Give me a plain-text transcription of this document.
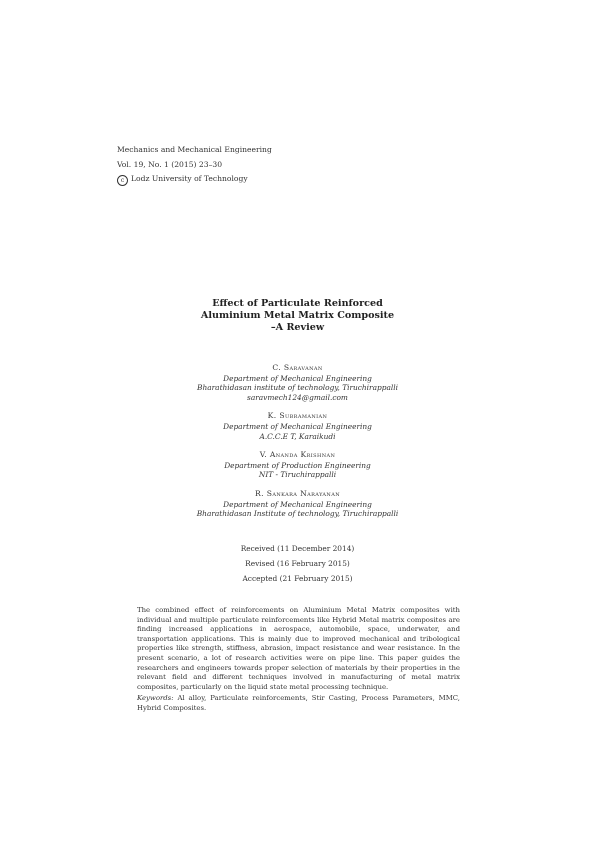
Mechanics and Mechanical Engineering
Vol. 19, No. 1 (2015) 23–30
c Lodz University of Technology
Effect of Particulate Reinforced
Aluminium Metal Matrix Composite
–A Review
C. Saravanan
Department of Mechanical Engineering
Bharathidasan institute of technology, Tiruchirappalli
saravmech124@gmail.com
K. Subramanian
Department of Mechanical Engineering
A.C.C.E T, Karaikudi
V. Ananda Krishnan
Department of Production Engineering
NIT - Tiruchirappalli
R. Sankara Narayanan
Department of Mechanical Engineering
Bharathidasan Institute of technology, Tiruchirappalli
Received (11 December 2014)
Revised (16 February 2015)
Accepted (21 February 2015)

The combined effect of reinforcements on Aluminium Metal Matrix composites with individual and multiple particulate reinforcements like Hybrid Metal matrix composites are finding increased applications in aerospace, automobile, space, underwater, and transportation applications. This is mainly due to improved mechanical and tribological properties like strength, stiffness, abrasion, impact resistance and wear resistance. In the present scenario, a lot of research activities were on pipe line. This paper guides the researchers and engineers towards proper selection of materials by their properties in the relevant field and different techniques involved in manufacturing of metal matrix composites, particularly on the liquid state metal processing technique.

Keywords: Al alloy, Particulate reinforcements, Stir Casting, Process Parameters, MMC, Hybrid Composites.
